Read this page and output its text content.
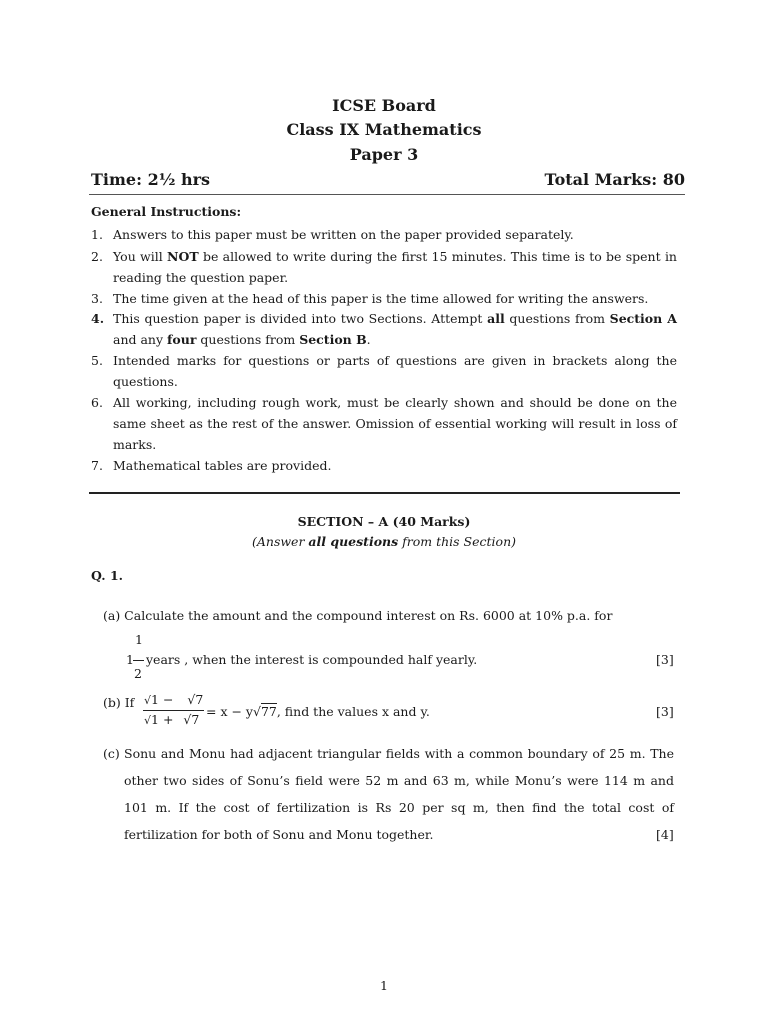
ICSE Board
Class IX Mathematics
Paper 3
Time: 2½ hrs	Total Marks: 80
General Instructions:
1. Answers to this paper must be written on the paper provided separately.
2. You will NOT be allowed to write during the first 15 minutes. This time is to be spent in reading the question paper.
3. The time given at the head of this paper is the time allowed for writing the answers.
4. This question paper is divided into two Sections. Attempt all questions from Section A and any four questions from Section B.
5. Intended marks for questions or parts of questions are given in brackets along the questions.
6. All working, including rough work, must be clearly shown and should be done on the same sheet as the rest of the answer. Omission of essential working will result in loss of marks.
7. Mathematical tables are provided.
SECTION – A (40 Marks)
(Answer all questions from this Section)
Q. 1.
(a) Calculate the amount and the compound interest on Rs. 6000 at 10% p.a. for
1
1
2
years , when the interest is compounded half yearly.	[3]
(b) If √1 − √7
√1 + √7
= x − y√77, find the values x and y.	[3]
(c) Sonu and Monu had adjacent triangular fields with a common boundary of 25 m. The
other two sides of Sonu’s field were 52 m and 63 m, while Monu’s were 114 m and
101 m. If the cost of fertilization is Rs 20 per sq m, then find the total cost of
fertilization for both of Sonu and Monu together.	[4]
1
